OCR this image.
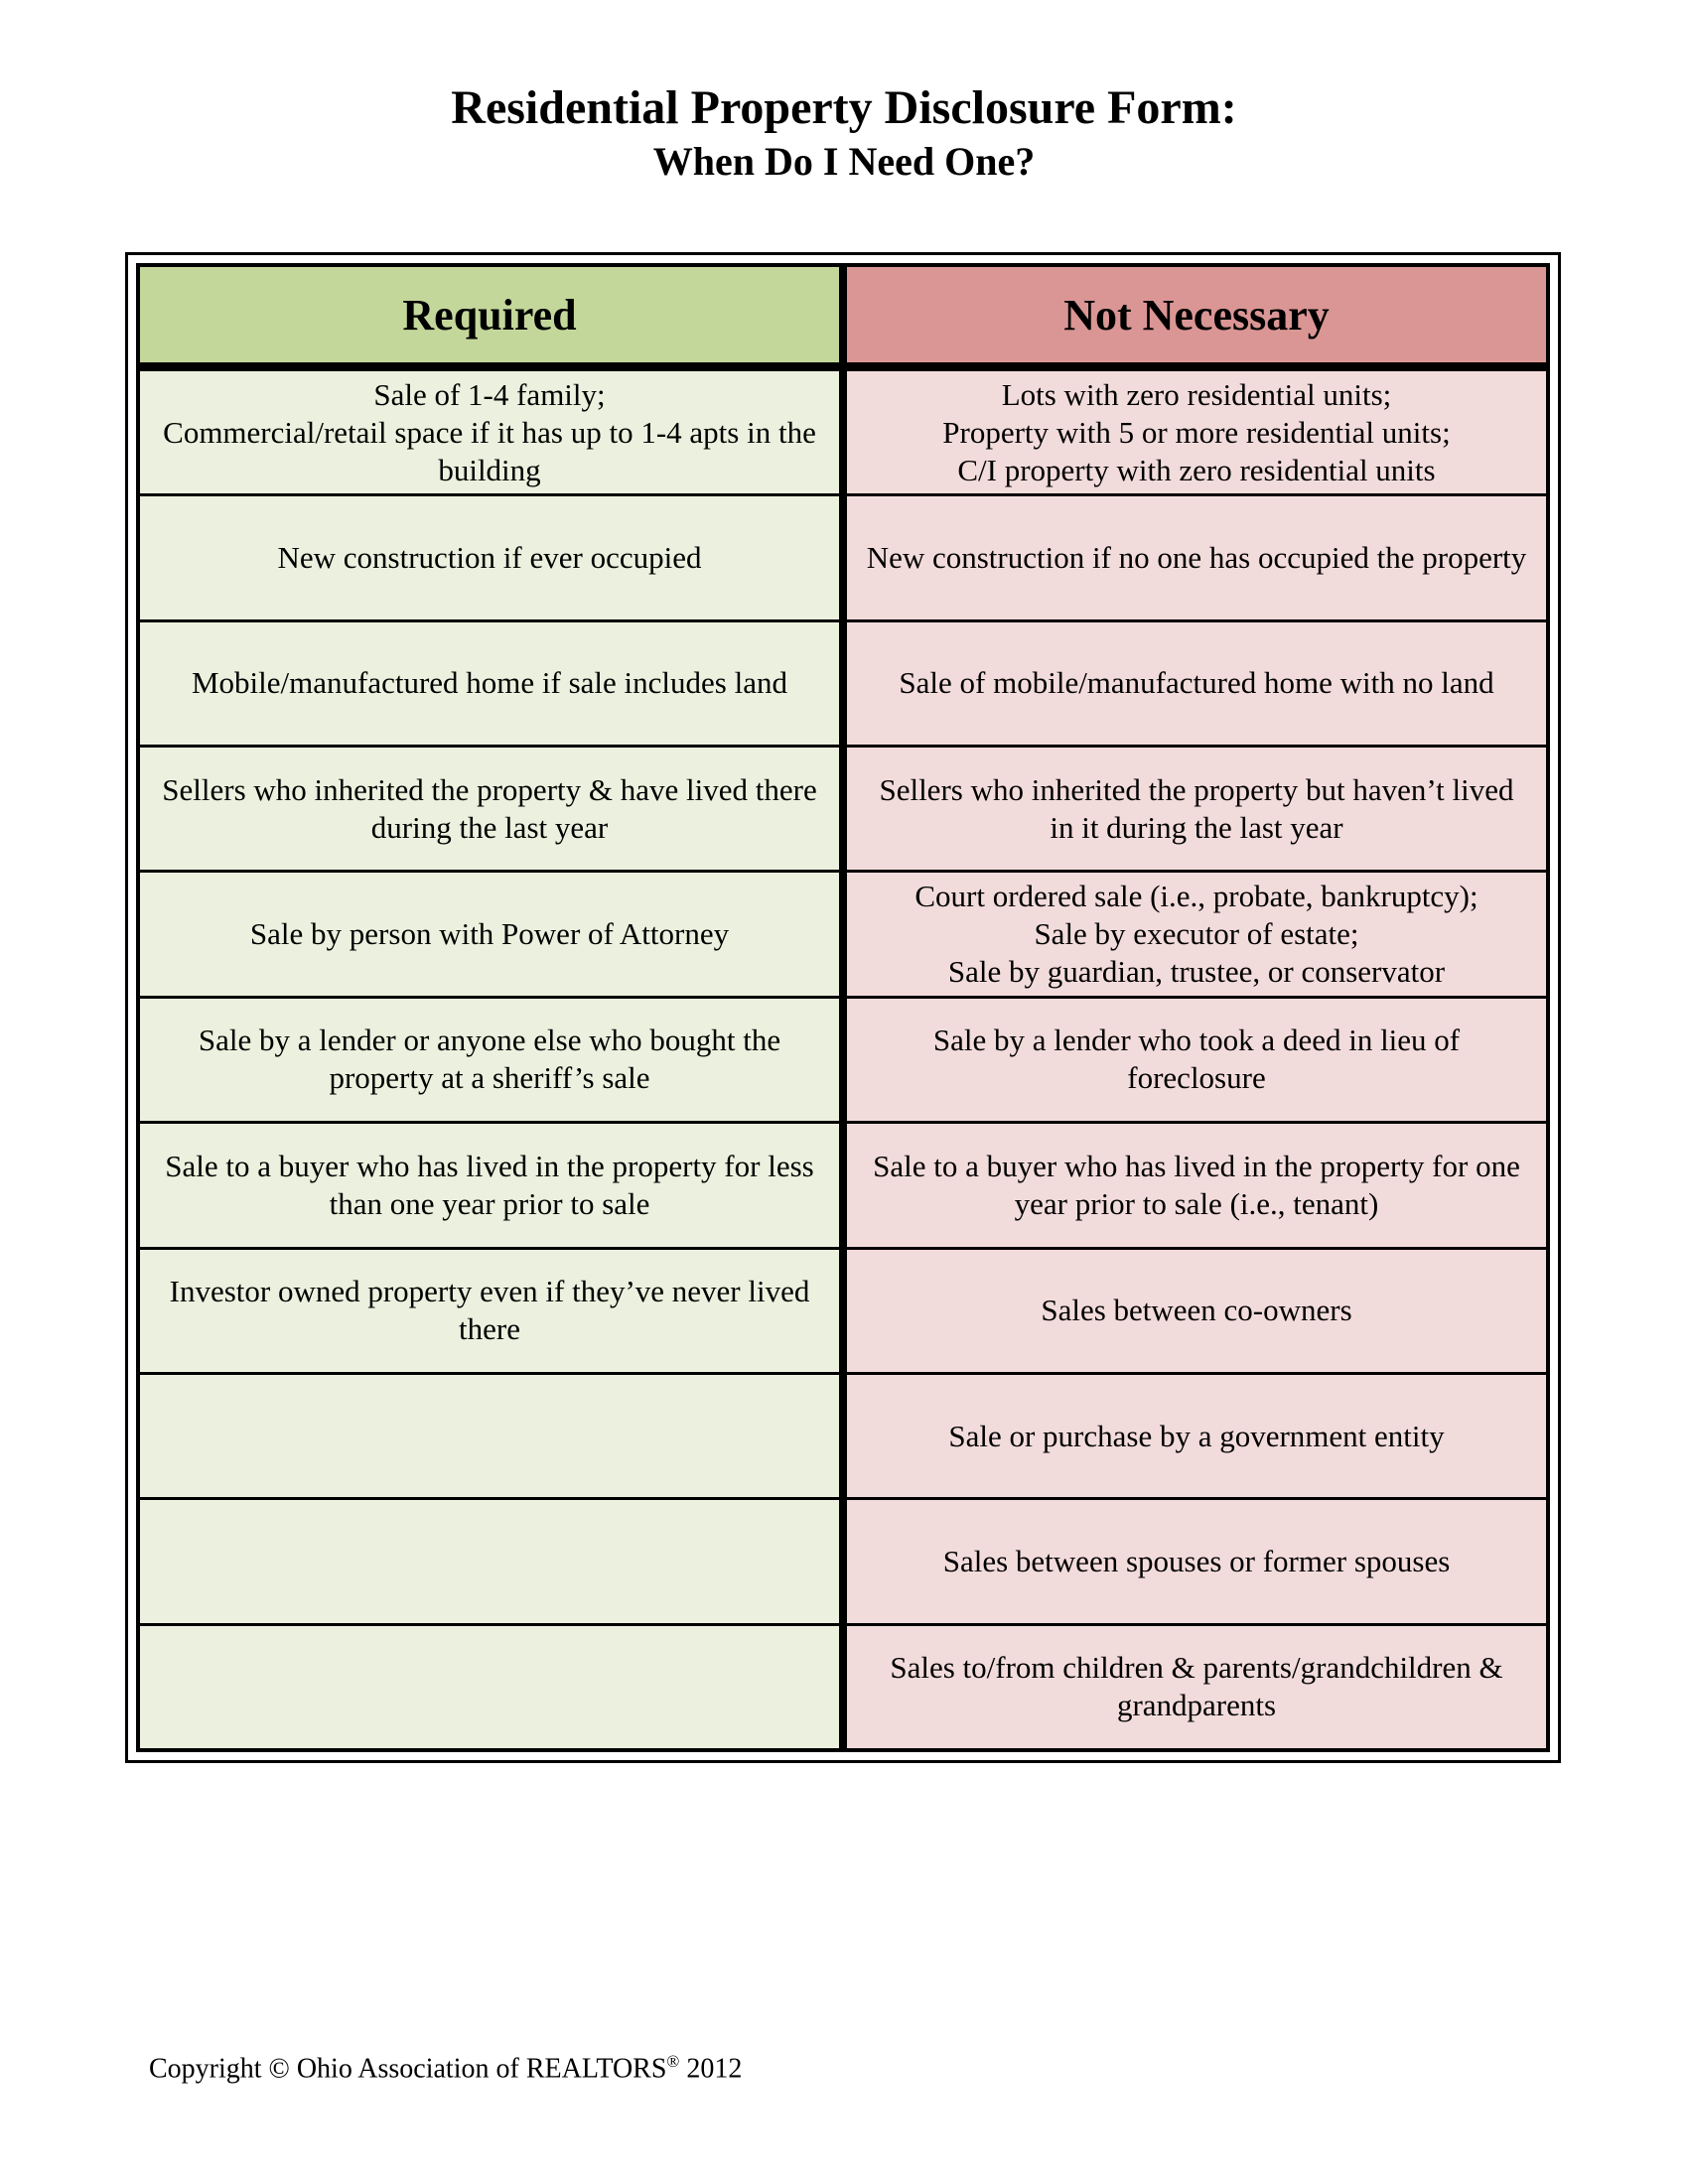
Residential Property Disclosure Form:
When Do I Need One?
Required
Sale of 1-4 family;
Commercial/retail space if it has up to 1-4 apts in the building
New construction if ever occupied
Mobile/manufactured home if sale includes land
Sellers who inherited the property & have lived there during the last year
Sale by person with Power of Attorney
Sale by a lender or anyone else who bought the property at a sheriff’s sale
Sale to a buyer who has lived in the property for less than one year prior to sale
Investor owned property even if they’ve never lived there
Not Necessary
Lots with zero residential units;
Property with 5 or more residential units;
C/I property with zero residential units
New construction if no one has occupied the property
Sale of mobile/manufactured home with no land
Sellers who inherited the property but haven’t lived in it during the last year
Court ordered sale (i.e., probate, bankruptcy);
Sale by executor of estate;
Sale by guardian, trustee, or conservator
Sale by a lender who took a deed in lieu of foreclosure
Sale to a buyer who has lived in the property for one year prior to sale (i.e., tenant)
Sales between co-owners
Sale or purchase by a government entity
Sales between spouses or former spouses
Sales to/from children & parents/grandchildren & grandparents
Copyright © Ohio Association of REALTORS® 2012
